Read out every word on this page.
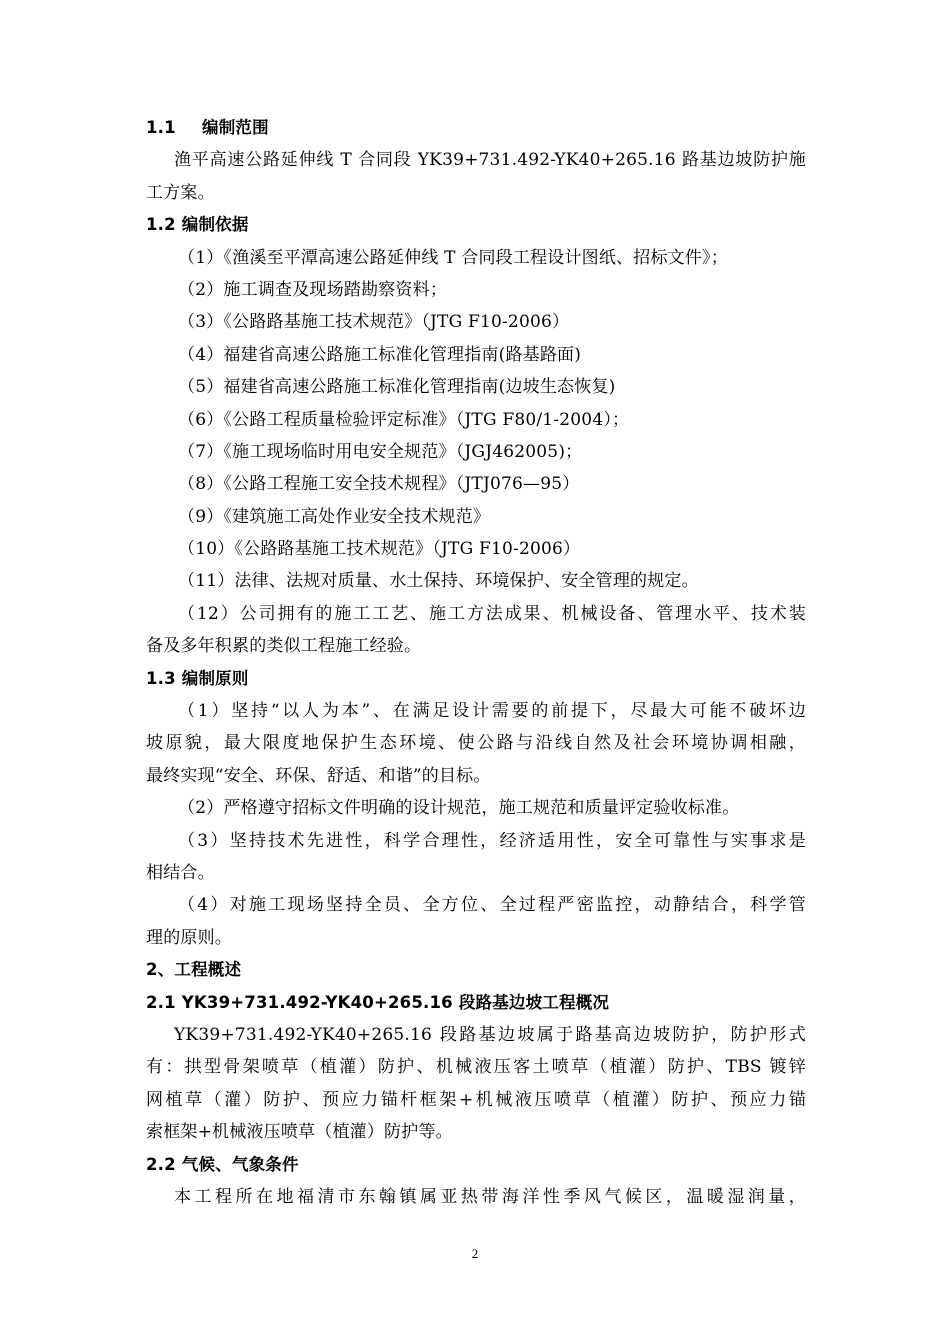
1.1 编制范围
渔平高速公路延伸线 T 合同段 YK39+731.492-YK40+265.16 路基边坡防护施
工方案。
1.2 编制依据
（1）《渔溪至平潭高速公路延伸线 T 合同段工程设计图纸、招标文件》；
（2）施工调查及现场踏勘察资料；
（3）《公路路基施工技术规范》（JTG F10-2006）
（4）福建省高速公路施工标准化管理指南(路基路面)
（5）福建省高速公路施工标准化管理指南(边坡生态恢复)
（6）《公路工程质量检验评定标准》（JTG F80/1-2004）；
（7）《施工现场临时用电安全规范》（JGJ462005)；
（8）《公路工程施工安全技术规程》（JTJ076—95）
（9）《建筑施工高处作业安全技术规范》
（10）《公路路基施工技术规范》（JTG F10-2006）
（11）法律、法规对质量、水土保持、环境保护、安全管理的规定。
（12）公司拥有的施工工艺、施工方法成果、机械设备、管理水平、技术装
备及多年积累的类似工程施工经验。
1.3 编制原则
（1）坚持“以人为本”、在满足设计需要的前提下，尽最大可能不破坏边
坡原貌，最大限度地保护生态环境、使公路与沿线自然及社会环境协调相融，
最终实现“安全、环保、舒适、和谐”的目标。
（2）严格遵守招标文件明确的设计规范，施工规范和质量评定验收标准。
（3）坚持技术先进性，科学合理性，经济适用性，安全可靠性与实事求是
相结合。
（4）对施工现场坚持全员、全方位、全过程严密监控，动静结合，科学管
理的原则。
2、工程概述
2.1 YK39+731.492-YK40+265.16 段路基边坡工程概况
YK39+731.492-YK40+265.16 段路基边坡属于路基高边坡防护，防护形式
有：拱型骨架喷草（植灌）防护、机械液压客土喷草（植灌）防护、TBS 镀锌
网植草（灌）防护、预应力锚杆框架+机械液压喷草（植灌）防护、预应力锚
索框架+机械液压喷草（植灌）防护等。
2.2 气候、气象条件
本工程所在地福清市东翰镇属亚热带海洋性季风气候区，温暖湿润量，
2
